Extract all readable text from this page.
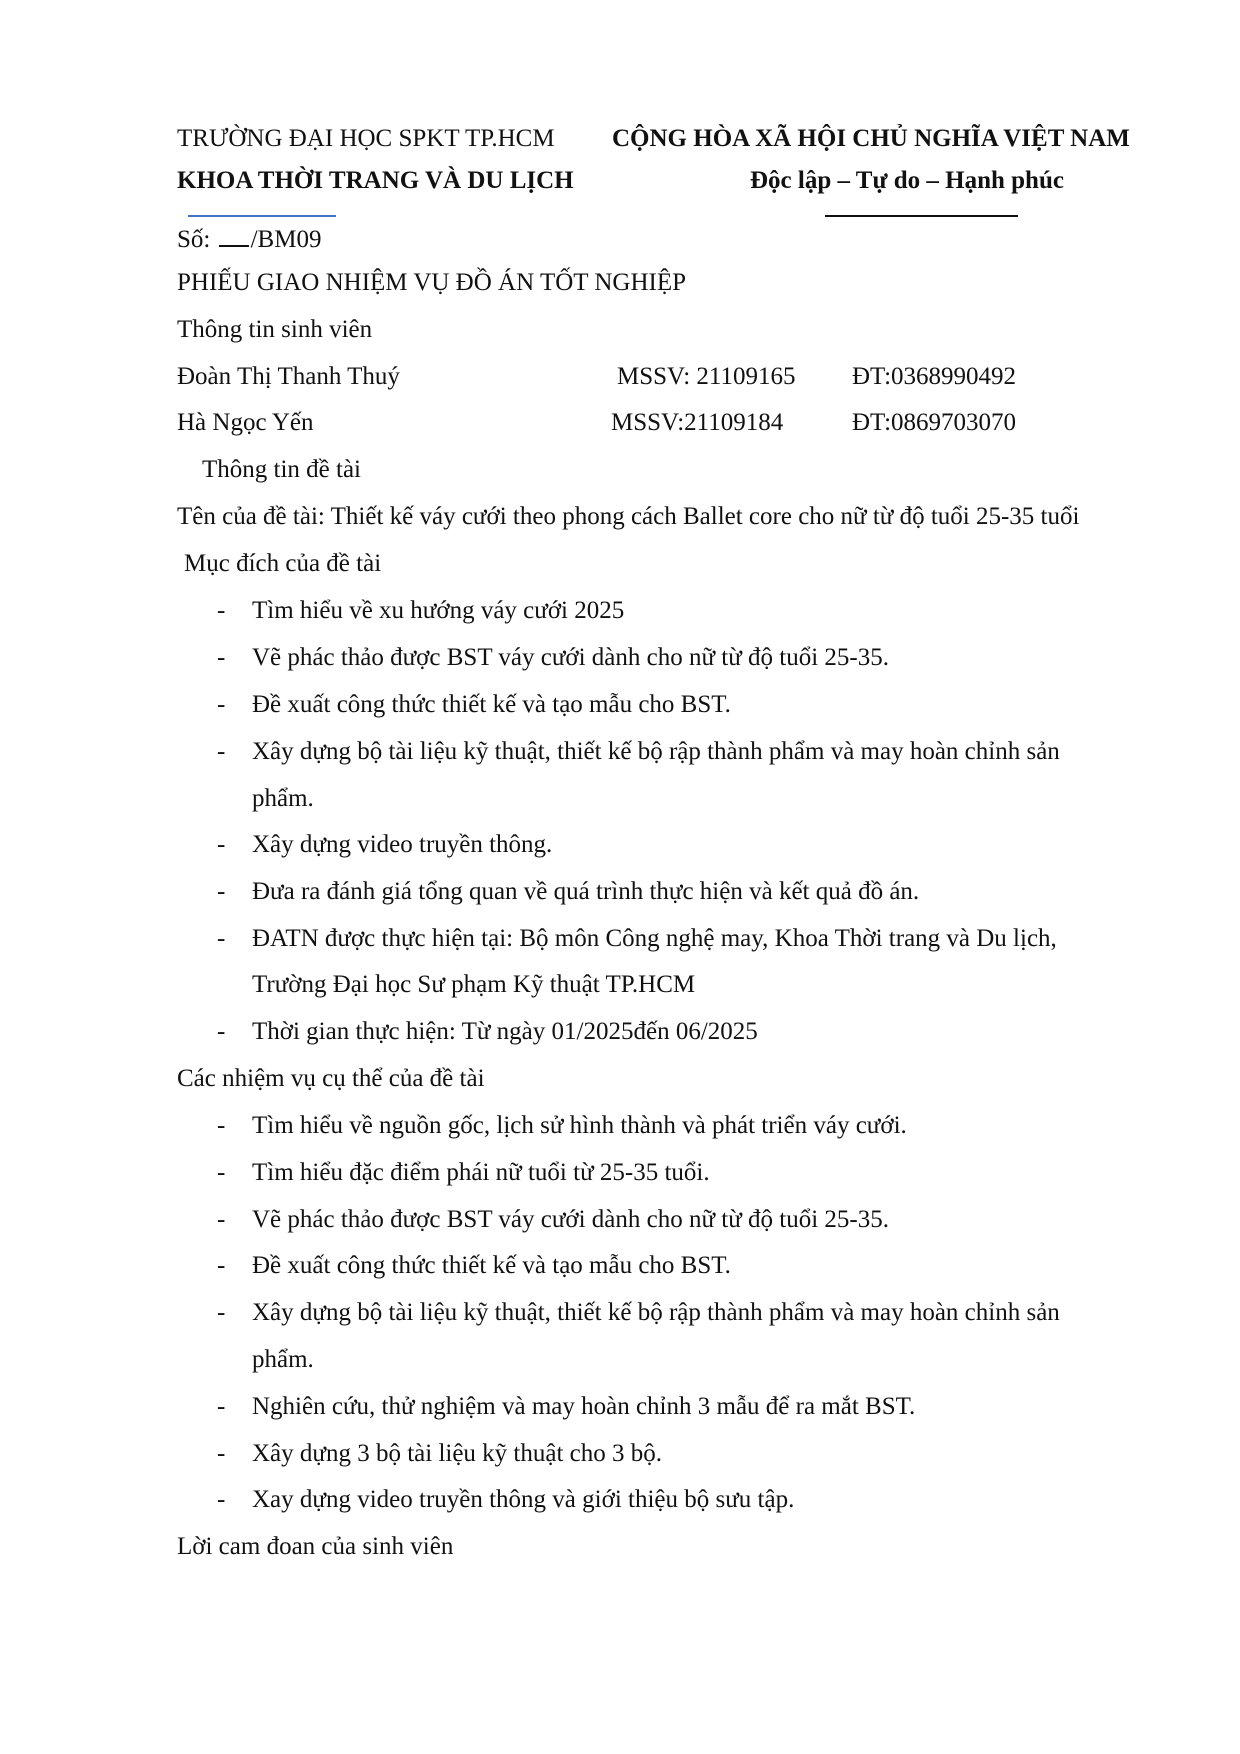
TRƯỜNG ĐẠI HỌC SPKT TP.HCM
KHOA THỜI TRANG VÀ DU LỊCH
CỘNG HÒA XÃ HỘI CHỦ NGHĨA VIỆT NAM
Độc lập – Tự do – Hạnh phúc
Số: /BM09
PHIẾU GIAO NHIỆM VỤ ĐỒ ÁN TỐT NGHIỆP
Thông tin sinh viên
Đoàn Thị Thanh Thuý	MSSV: 21109165 ĐT:0368990492
Hà Ngọc Yến	MSSV:21109184	ĐT:0869703070
Thông tin đề tài
Tên của đề tài: Thiết kế váy cưới theo phong cách Ballet core cho nữ từ độ tuổi 25-35 tuổi
Mục đích của đề tài
- Tìm hiểu về xu hướng váy cưới 2025
- Vẽ phác thảo được BST váy cưới dành cho nữ từ độ tuổi 25-35.
- Đề xuất công thức thiết kế và tạo mẫu cho BST.
- Xây dựng bộ tài liệu kỹ thuật, thiết kế bộ rập thành phẩm và may hoàn chỉnh sản
phẩm.
- Xây dựng video truyền thông.
- Đưa ra đánh giá tổng quan về quá trình thực hiện và kết quả đồ án.
- ĐATN được thực hiện tại: Bộ môn Công nghệ may, Khoa Thời trang và Du lịch,
Trường Đại học Sư phạm Kỹ thuật TP.HCM
- Thời gian thực hiện: Từ ngày 01/2025đến 06/2025
Các nhiệm vụ cụ thể của đề tài
- Tìm hiểu về nguồn gốc, lịch sử hình thành và phát triển váy cưới.
- Tìm hiểu đặc điểm phái nữ tuổi từ 25-35 tuổi.
- Vẽ phác thảo được BST váy cưới dành cho nữ từ độ tuổi 25-35.
- Đề xuất công thức thiết kế và tạo mẫu cho BST.
- Xây dựng bộ tài liệu kỹ thuật, thiết kế bộ rập thành phẩm và may hoàn chỉnh sản
phẩm.
- Nghiên cứu, thử nghiệm và may hoàn chỉnh 3 mẫu để ra mắt BST.
- Xây dựng 3 bộ tài liệu kỹ thuật cho 3 bộ.
- Xay dựng video truyền thông và giới thiệu bộ sưu tập.
Lời cam đoan của sinh viên
